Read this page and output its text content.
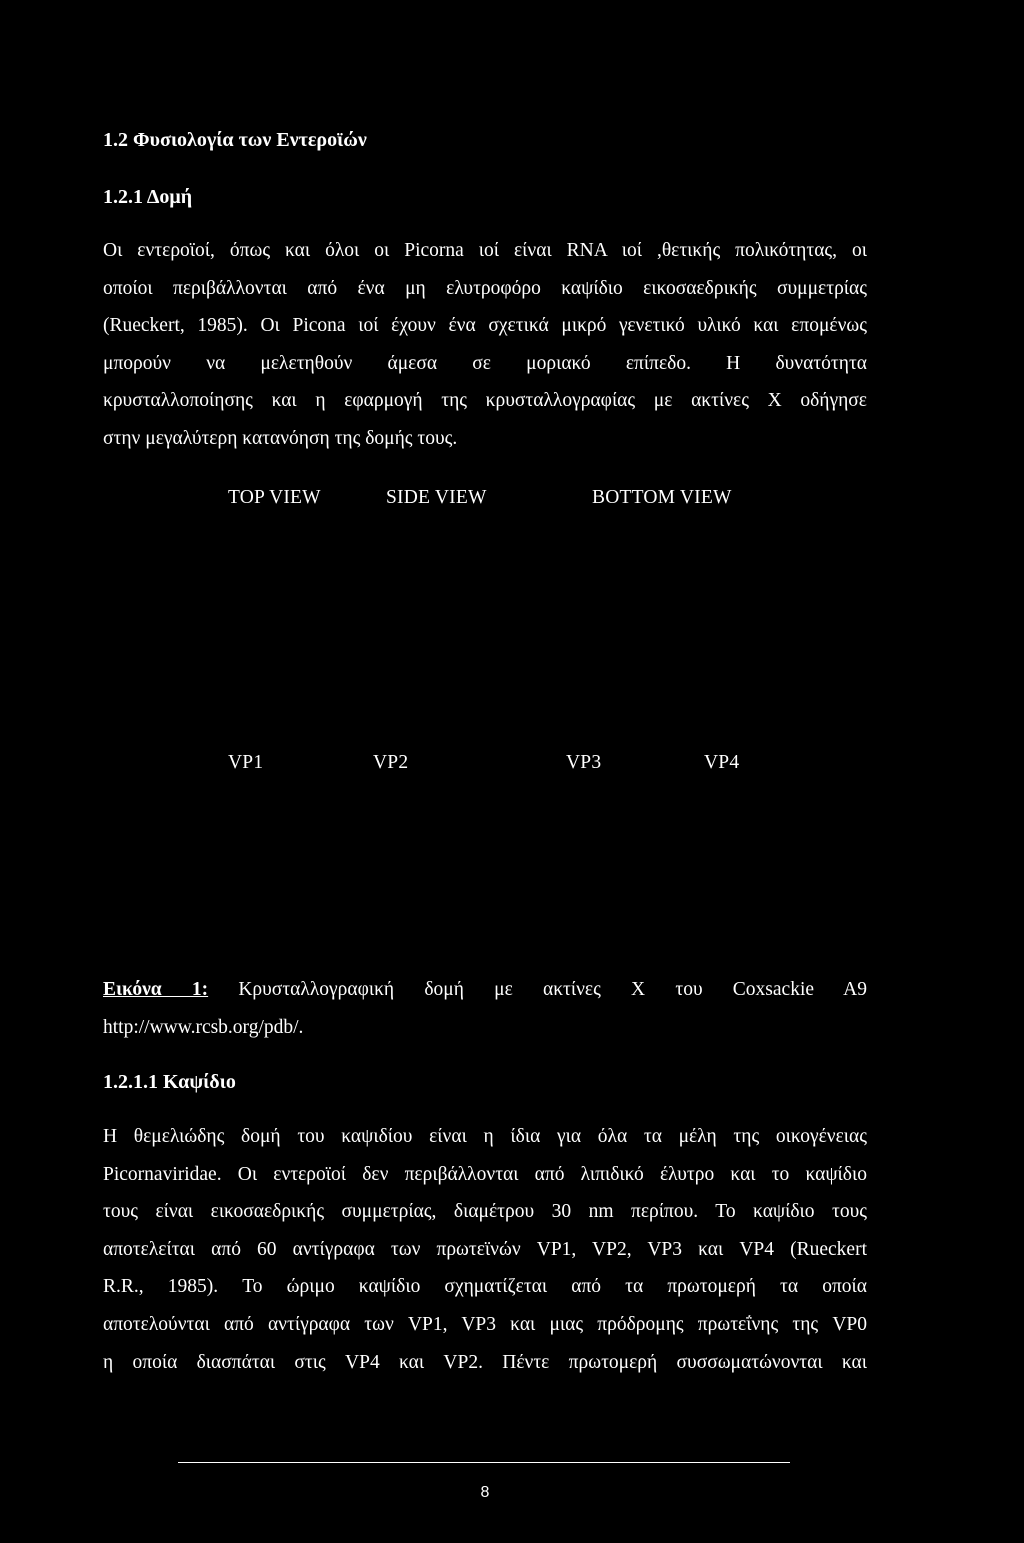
1.2 Φυσιολογία των Εντεροϊών
1.2.1 Δομή
Οι εντεροϊοί, όπως και όλοι οι Picorna ιοί είναι RNA ιοί ,θετικής πολικότητας, οι
οποίοι περιβάλλονται από ένα μη ελυτροφόρο καψίδιο εικοσαεδρικής συμμετρίας
(Rueckert, 1985). Οι Picona ιοί έχουν ένα σχετικά μικρό γενετικό υλικό και επομένως
μπορούν να μελετηθούν άμεσα σε μοριακό επίπεδο. Η δυνατότητα
κρυσταλλοποίησης και η εφαρμογή της κρυσταλλογραφίας με ακτίνες Χ οδήγησε
στην μεγαλύτερη κατανόηση της δομής τους.
TOP VIEW	SIDE VIEW	BOTTOM VIEW
VP1	VP2	VP3	VP4
Εικόνα 1: Κρυσταλλογραφική δομή με ακτίνες Χ του Coxsackie A9
http://www.rcsb.org/pdb/.
1.2.1.1 Καψίδιο
Η θεμελιώδης δομή του καψιδίου είναι η ίδια για όλα τα μέλη της οικογένειας
Picornaviridae. Οι εντεροϊοί δεν περιβάλλονται από λιπιδικό έλυτρο και το καψίδιο
τους είναι εικοσαεδρικής συμμετρίας, διαμέτρου 30 nm περίπου. Το καψίδιο τους
αποτελείται από 60 αντίγραφα των πρωτεϊνών VP1, VP2, VP3 και VP4 (Rueckert
R.R., 1985). Το ώριμο καψίδιο σχηματίζεται από τα πρωτομερή τα οποία
αποτελούνται από αντίγραφα των VP1, VP3 και μιας πρόδρομης πρωτεΐνης της VP0
η οποία διασπάται στις VP4 και VP2. Πέντε πρωτομερή συσσωματώνονται και
8
